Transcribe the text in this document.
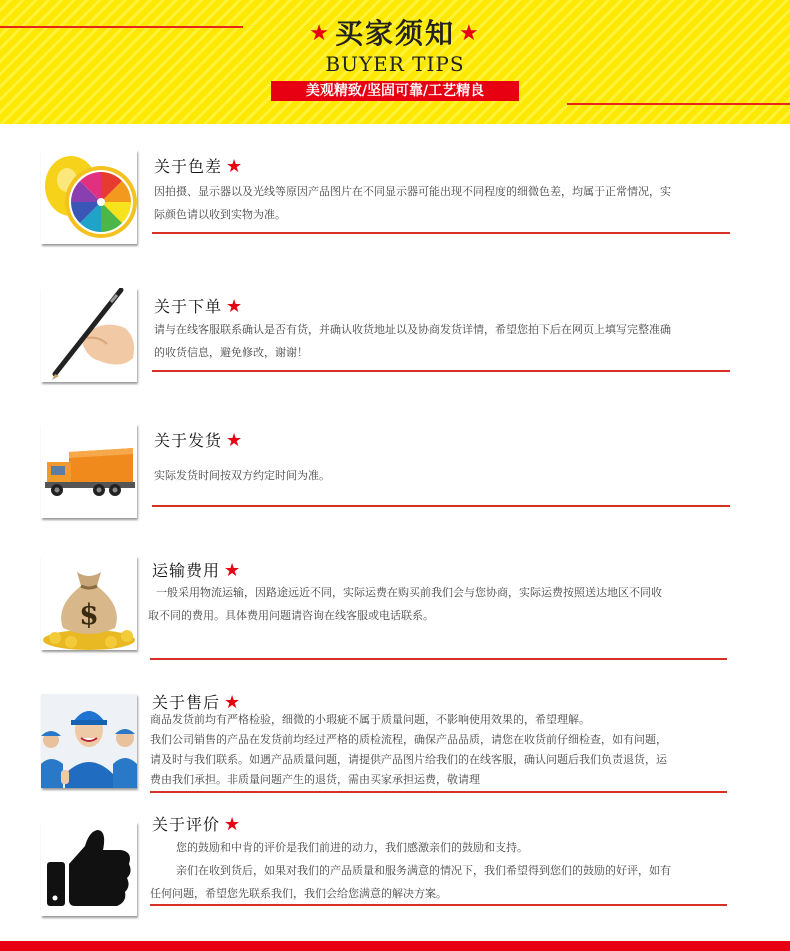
★ 买家须知 ★
BUYER TIPS
美观精致/坚固可靠/工艺精良
关于色差 ★
因拍摄、显示器以及光线等原因产品图片在不同显示器可能出现不同程度的细微色差，均属于正常情况，实
际颜色请以收到实物为准。
关于下单 ★
请与在线客服联系确认是否有货，并确认收货地址以及协商发货详情，希望您拍下后在网页上填写完整准确
的收货信息，避免修改，谢谢！
关于发货 ★
实际发货时间按双方约定时间为准。
$
运输费用 ★
一般采用物流运输，因路途远近不同，实际运费在购买前我们会与您协商，实际运费按照送达地区不同收
取不同的费用。具体费用问题请咨询在线客服或电话联系。
关于售后 ★
商品发货前均有严格检验，细微的小瑕疵不属于质量问题，不影响使用效果的，希望理解。
我们公司销售的产品在发货前均经过严格的质检流程，确保产品品质，请您在收货前仔细检查，如有问题，
请及时与我们联系。如遇产品质量问题，请提供产品图片给我们的在线客服，确认问题后我们负责退货，运
费由我们承担。非质量问题产生的退货，需由买家承担运费，敬请理
关于评价 ★
您的鼓励和中肯的评价是我们前进的动力，我们感激亲们的鼓励和支持。
亲们在收到货后，如果对我们的产品质量和服务满意的情况下，我们希望得到您们的鼓励的好评，如有
任何问题，希望您先联系我们，我们会给您满意的解决方案。
